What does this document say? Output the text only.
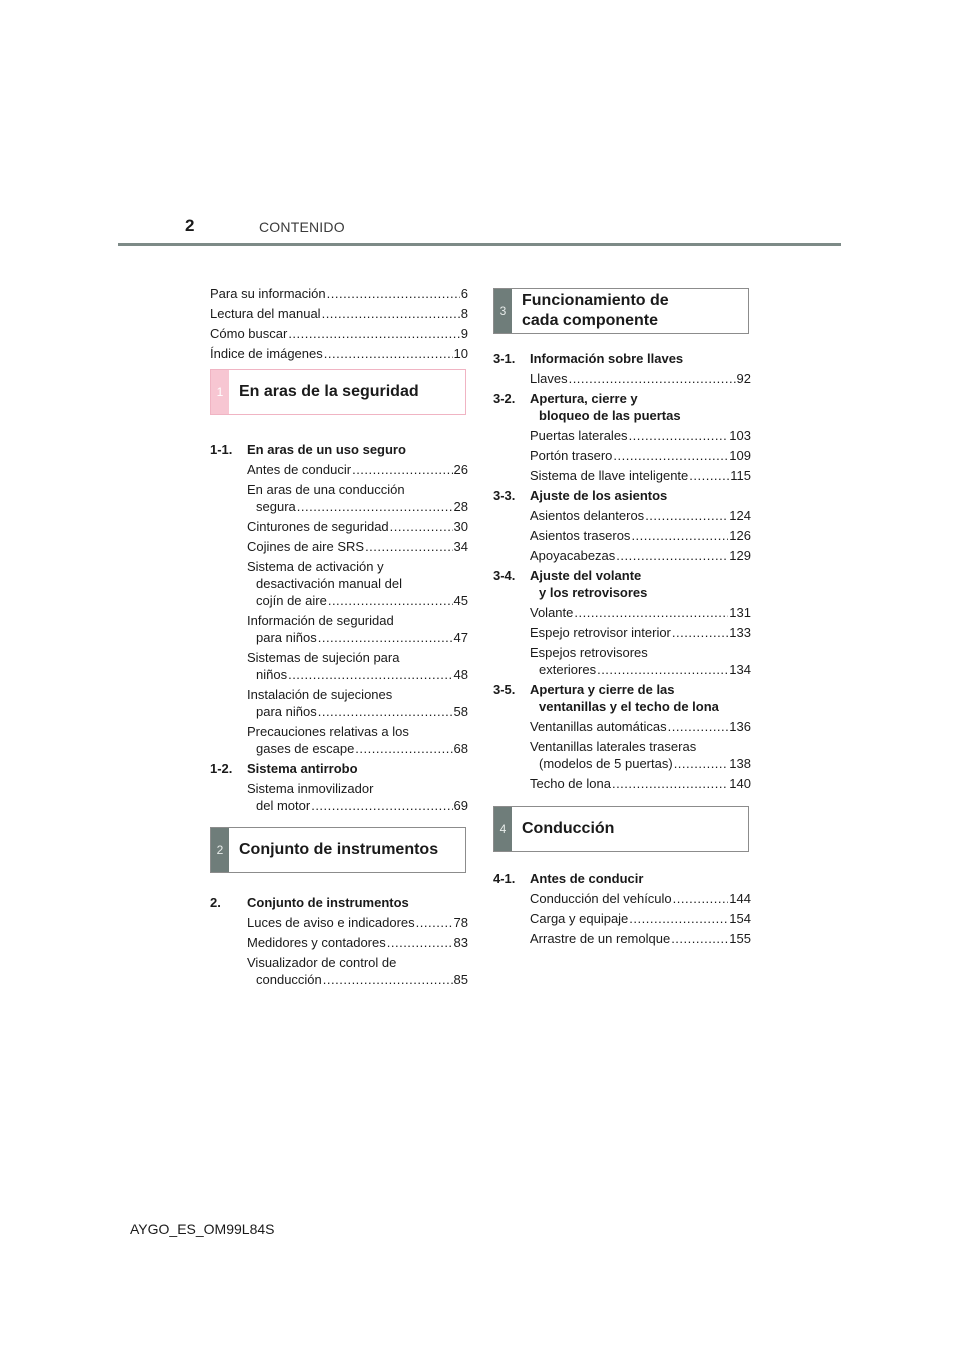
2	CONTENIDO
Para su información .....	6
Lectura del manual .....	8
Cómo buscar .....	9
Índice de imágenes .....	10
1 En aras de la seguridad
1-1. En aras de un uso seguro
Antes de conducir .....	26
En aras de una conducción
segura .....	28
Cinturones de seguridad .....	30
Cojines de aire SRS .....	34
Sistema de activación y
desactivación manual del
cojín de aire .....	45
Información de seguridad
para niños .....	47
Sistemas de sujeción para
niños .....	48
Instalación de sujeciones
para niños .....	58
Precauciones relativas a los
gases de escape .....	68
1-2. Sistema antirrobo
Sistema inmovilizador
del motor .....	69
2 Conjunto de instrumentos
2. Conjunto de instrumentos
Luces de aviso e indicadores .....	78
Medidores y contadores .....	83
Visualizador de control de
conducción .....	85
3
Funcionamiento de
cada componente
3-1. Información sobre llaves
Llaves .....	92
3-2. Apertura, cierre y
bloqueo de las puertas
Puertas laterales .....	103
Portón trasero .....	109
Sistema de llave inteligente .....	115
3-3. Ajuste de los asientos
Asientos delanteros .....	124
Asientos traseros .....	126
Apoyacabezas .....	129
3-4. Ajuste del volante
y los retrovisores
Volante .....	131
Espejo retrovisor interior .....	133
Espejos retrovisores
exteriores .....	134
3-5. Apertura y cierre de las
ventanillas y el techo de lona
Ventanillas automáticas .....	136
Ventanillas laterales traseras
(modelos de 5 puertas) .....	138
Techo de lona .....	140
4 Conducción
4-1. Antes de conducir
Conducción del vehículo .....	144
Carga y equipaje .....	154
Arrastre de un remolque .....	155
AYGO_ES_OM99L84S
